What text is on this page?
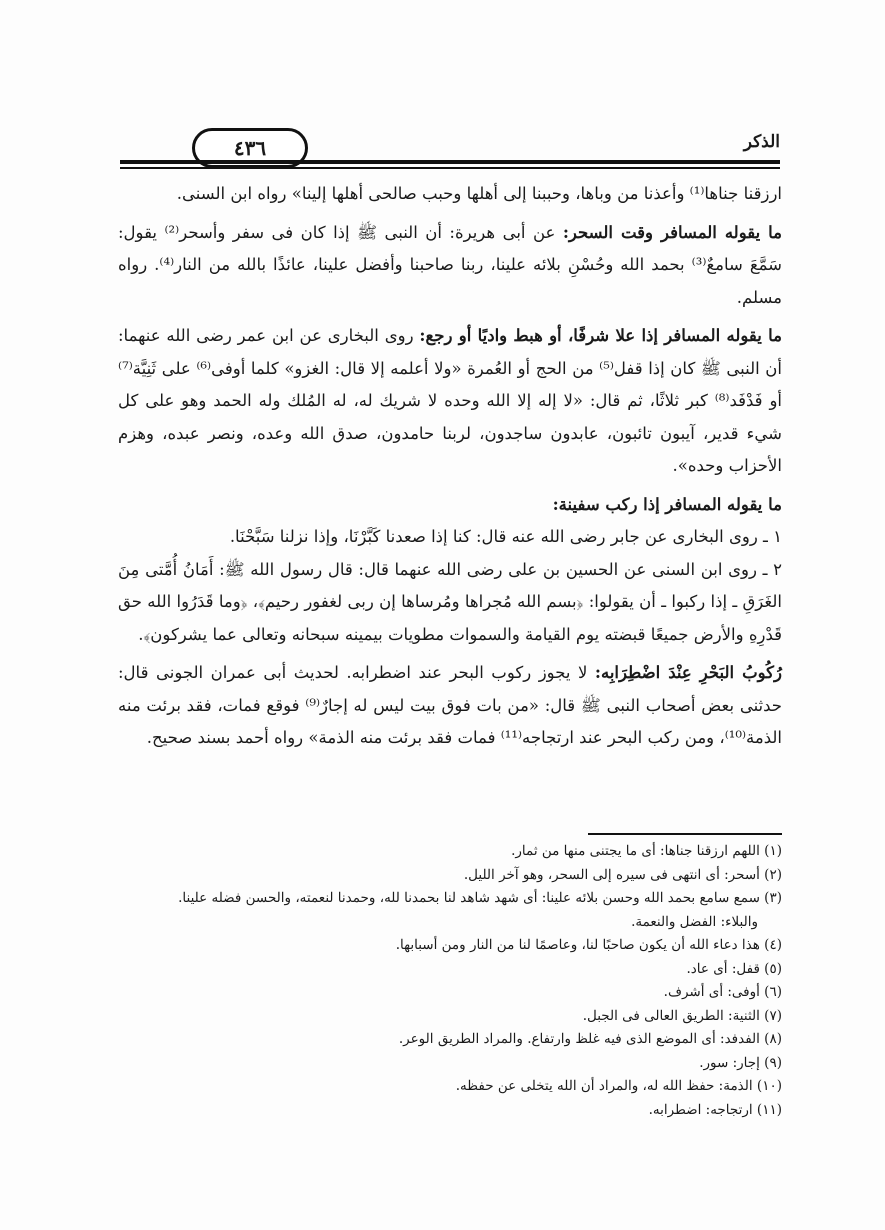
الذكر
٤٣٦

ارزقنا جناها⁽¹⁾ وأعذنا من وباها، وحببنا إلى أهلها وحبب صالحى أهلها إلينا» رواه ابن السنى.

ما يقوله المسافر وقت السحر: عن أبى هريرة: أن النبى ﷺ إذا كان فى سفر وأسحر⁽²⁾ يقول: سَمَّعَ سامعٌ⁽³⁾ بحمد الله وحُسْنِ بلائه علينا، ربنا صاحبنا وأفضل علينا، عائذًا بالله من النار⁽⁴⁾. رواه مسلم.

ما يقوله المسافر إذا علا شرفًا، أو هبط واديًا أو رجع: روى البخارى عن ابن عمر رضى الله عنهما: أن النبى ﷺ كان إذا قفل⁽⁵⁾ من الحج أو العُمرة «ولا أعلمه إلا قال: الغزو» كلما أوفى⁽⁶⁾ على ثَنِيَّة⁽⁷⁾ أو فَدْفَد⁽⁸⁾ كبر ثلاثًا، ثم قال: «لا إله إلا الله وحده لا شريك له، له المُلك وله الحمد وهو على كل شيء قدير، آيبون تائبون، عابدون ساجدون، لربنا حامدون، صدق الله وعده، ونصر عبده، وهزم الأحزاب وحده».

ما يقوله المسافر إذا ركب سفينة:

١ ـ روى البخارى عن جابر رضى الله عنه قال: كنا إذا صعدنا كَبَّرْنَا، وإذا نزلنا سَبَّحْنَا.

٢ ـ روى ابن السنى عن الحسين بن على رضى الله عنهما قال: قال رسول الله ﷺ: أَمَانُ أُمَّتى مِنَ الغَرَقِ ـ إذا ركبوا ـ أن يقولوا: ﴿بسم الله مُجراها ومُرساها إن ربى لغفور رحيم﴾، ﴿وما قَدَرُوا الله حق قَدْرِهِ والأرض جميعًا قبضته يوم القيامة والسموات مطويات بيمينه سبحانه وتعالى عما يشركون﴾.

رُكُوبُ البَحْرِ عِنْدَ اضْطِرَابِه: لا يجوز ركوب البحر عند اضطرابه. لحديث أبى عمران الجونى قال: حدثنى بعض أصحاب النبى ﷺ قال: «من بات فوق بيت ليس له إجارٌ⁽⁹⁾ فوقع فمات، فقد برئت منه الذمة⁽¹⁰⁾، ومن ركب البحر عند ارتجاجه⁽¹¹⁾ فمات فقد برئت منه الذمة» رواه أحمد بسند صحيح.

(١) اللهم ارزقنا جناها: أى ما يجتنى منها من ثمار.

(٢) أسحر: أى انتهى فى سيره إلى السحر، وهو آخر الليل.

(٣) سمع سامع بحمد الله وحسن بلائه علينا: أى شهد شاهد لنا بحمدنا لله، وحمدنا لنعمته، والحسن فضله علينا.

والبلاء: الفضل والنعمة.

(٤) هذا دعاء الله أن يكون صاحبًا لنا، وعاصمًا لنا من النار ومن أسبابها.

(٥) قفل: أى عاد.

(٦) أوفى: أى أشرف.

(٧) الثنية: الطريق العالى فى الجبل.

(٨) الفدفد: أى الموضع الذى فيه غلظ وارتفاع. والمراد الطريق الوعر.

(٩) إجار: سور.

(١٠) الذمة: حفظ الله له، والمراد أن الله يتخلى عن حفظه.

(١١) ارتجاجه: اضطرابه.
